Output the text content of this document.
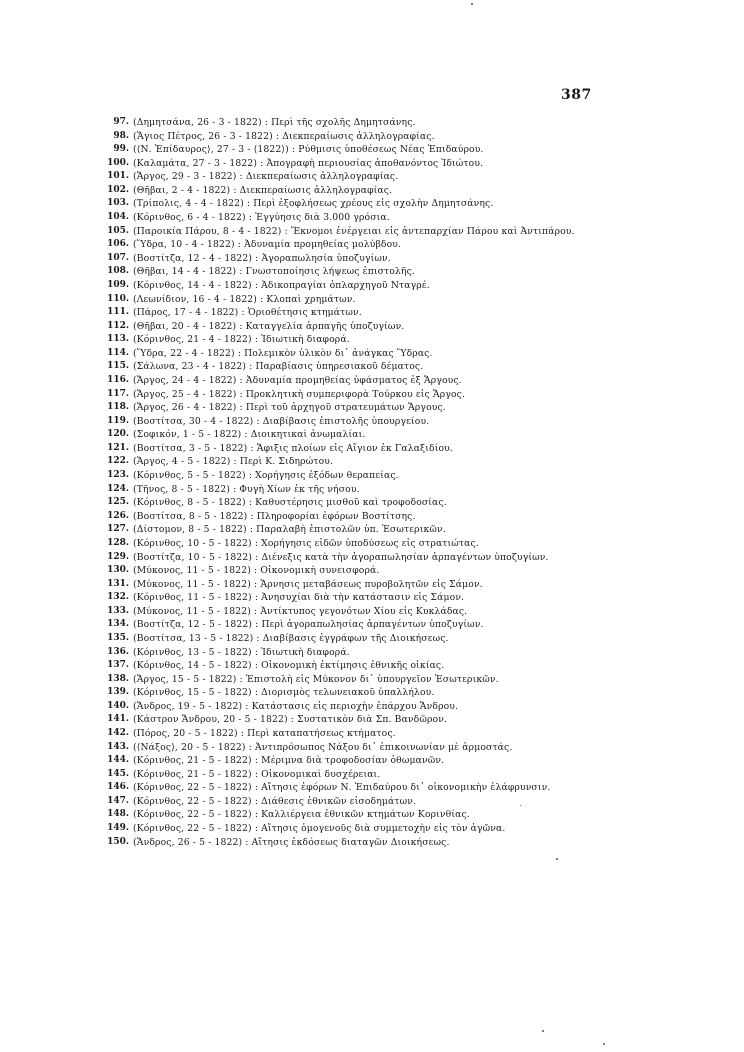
387
97. (Δημητσάνα, 26 - 3 - 1822) : Περὶ τῆς σχολῆς Δημητσάνης.
98. (Ἅγιος Πέτρος, 26 - 3 - 1822) : Διεκπεραίωσις ἀλληλογραφίας.
99. (⟨Ν. Ἐπίδαυρος⟩, 27 - 3 - ⟨1822⟩) : Ρύθμισις ὑποθέσεως Νέας Ἐπιδαύρου.
100. (Καλαμάτα, 27 - 3 - 1822) : Ἀπογραφὴ περιουσίας ἀποθανόντος Ἰδιώτου.
101. (Ἄργος, 29 - 3 - 1822) : Διεκπεραίωσις ἀλληλογραφίας.
102. (Θῆβαι, 2 - 4 - 1822) : Διεκπεραίωσις ἀλληλογραφίας.
103. (Τρίπολις, 4 - 4 - 1822) : Περὶ ἐξοφλήσεως χρέους εἰς σχολὴν Δημητσάνης.
104. (Κόρινθος, 6 - 4 - 1822) : Ἐγγύησις διὰ 3.000 γρόσια.
105. (Παροικία Πάρου, 8 - 4 - 1822) : Ἔκνομοι ἐνέργειαι εἰς ἀντεπαρχίαν Πάρου καὶ Ἀντιπάρου.
106. (Ὕδρα, 10 - 4 - 1822) : Ἀδυναμία προμηθείας μολύβδου.
107. (Βοστίτζα, 12 - 4 - 1822) : Ἀγοραπωλησία ὑποζυγίων.
108. (Θῆβαι, 14 - 4 - 1822) : Γνωστοποίησις λήψεως ἐπιστολῆς.
109. (Κόρινθος, 14 - 4 - 1822) : Ἀδικοπραγίαι ὁπλαρχηγοῦ Νταγρέ.
110. (Λεωνίδιον, 16 - 4 - 1822) : Κλοπαὶ χρημάτων.
111. (Πάρος, 17 - 4 - 1822) : Ὁριοθέτησις κτημάτων.
112. (Θῆβαι, 20 - 4 - 1822) : Καταγγελία ἁρπαγῆς ὑποζυγίων.
113. (Κόρινθος, 21 - 4 - 1822) : Ἰδιωτικὴ διαφορά.
114. (Ὕδρα, 22 - 4 - 1822) : Πολεμικὸν ὑλικὸν δι᾽ ἀνάγκας Ὕδρας.
115. (Σάλωνα, 23 - 4 - 1822) : Παραβίασις ὑπηρεσιακοῦ δέματος.
116. (Ἄργος, 24 - 4 - 1822) : Ἀδυναμία προμηθείας ὑφάσματος ἐξ Ἄργους.
117. (Ἄργος, 25 - 4 - 1822) : Προκλητικὴ συμπεριφορὰ Τούρκου εἰς Ἄργος.
118. (Ἄργος, 26 - 4 - 1822) : Περὶ τοῦ ἀρχηγοῦ στρατευμάτων Ἄργους.
119. (Βοστίτσα, 30 - 4 - 1822) : Διαβίβασις ἐπιστολῆς ὑπουργείου.
120. (Σοφικόν, 1 - 5 - 1822) : Διοικητικαὶ ἀνωμαλίαι.
121. (Βοστίτσα, 3 - 5 - 1822) : Ἄφιξις πλοίων εἰς Αἴγιον ἐκ Γαλαξιδίου.
122. (Ἄργος, 4 - 5 - 1822) : Περὶ Κ. Σιδηρώτου.
123. (Κόρινθος, 5 - 5 - 1822) : Χορήγησις ἐξόδων θεραπείας.
124. (Τῆνος, 8 - 5 - 1822) : Φυγὴ Χίων ἐκ τῆς νήσου.
125. (Κόρινθος, 8 - 5 - 1822) : Καθυστέρησις μισθοῦ καὶ τροφοδοσίας.
126. (Βοστίτσα, 8 - 5 - 1822) : Πληροφορίαι ἐφόρων Βοστίτσης.
127. (Δίστομον, 8 - 5 - 1822) : Παραλαβὴ ἐπιστολῶν ὑπ. Ἐσωτερικῶν.
128. (Κόρινθος, 10 - 5 - 1822) : Χορήγησις εἰδῶν ὑποδύσεως εἰς στρατιώτας.
129. (Βοστίτζα, 10 - 5 - 1822) : Διένεξις κατὰ τὴν ἀγοραπωλησίαν ἁρπαγέντων ὑποζυγίων.
130. (Μύκονος, 11 - 5 - 1822) : Οἰκονομικὴ συνεισφορά.
131. (Μύκονος, 11 - 5 - 1822) : Ἄρνησις μεταβάσεως πυροβολητῶν εἰς Σάμον.
132. (Κόρινθος, 11 - 5 - 1822) : Ἀνησυχίαι διὰ τὴν κατάστασιν εἰς Σάμον.
133. (Μύκονος, 11 - 5 - 1822) : Ἀντίκτυπος γεγονότων Χίου εἰς Κυκλάδας.
134. (Βοστίτζα, 12 - 5 - 1822) : Περὶ ἀγοραπωλησίας ἁρπαγέντων ὑποζυγίων.
135. (Βοστίτσα, 13 - 5 - 1822) : Διαβίβασις ἐγγράφων τῆς Διοικήσεως.
136. (Κόρινθος, 13 - 5 - 1822) : Ἰδιωτικὴ διαφορά.
137. (Κόρινθος, 14 - 5 - 1822) : Οἰκονομικὴ ἐκτίμησις ἐθνικῆς οἰκίας.
138. (Ἄργος, 15 - 5 - 1822) : Ἐπιστολὴ εἰς Μύκονον δι᾽ ὑπουργεῖον Ἐσωτερικῶν.
139. (Κόρινθος, 15 - 5 - 1822) : Διορισμὸς τελωνειακοῦ ὑπαλλήλου.
140. (Ἄνδρος, 19 - 5 - 1822) : Κατάστασις εἰς περιοχὴν ἐπάρχου Ἄνδρου.
141. (Κάστρον Ἄνδρου, 20 - 5 - 1822) : Συστατικὸν διὰ Σπ. Βανδῶρον.
142. (Πόρος, 20 - 5 - 1822) : Περὶ καταπατήσεως κτήματος.
143. (⟨Νάξος⟩, 20 - 5 - 1822) : Ἀντιπρόσωπος Νάξου δι᾽ ἐπικοινωνίαν μὲ ἁρμοστάς.
144. (Κόρινθος, 21 - 5 - 1822) : Μέριμνα διὰ τροφοδοσίαν ὀθωμανῶν.
145. (Κόρινθος, 21 - 5 - 1822) : Οἰκονομικαὶ δυσχέρειαι.
146. (Κόρινθος, 22 - 5 - 1822) : Αἴτησις ἐφόρων Ν. Ἐπιδαύρου δι᾽ οἰκονομικὴν ἐλάφρυνσιν.
147. (Κόρινθος, 22 - 5 - 1822) : Διάθεσις ἐθνικῶν εἰσοδημάτων.
148. (Κόρινθος, 22 - 5 - 1822) : Καλλιέργεια ἐθνικῶν κτημάτων Κορινθίας.
149. (Κόρινθος, 22 - 5 - 1822) : Αἴτησις ὁμογενοῦς διὰ συμμετοχὴν εἰς τὸν ἀγῶνα.
150. (Ἄνδρος, 26 - 5 - 1822) : Αἴτησις ἐκδόσεως διαταγῶν Διοικήσεως.
